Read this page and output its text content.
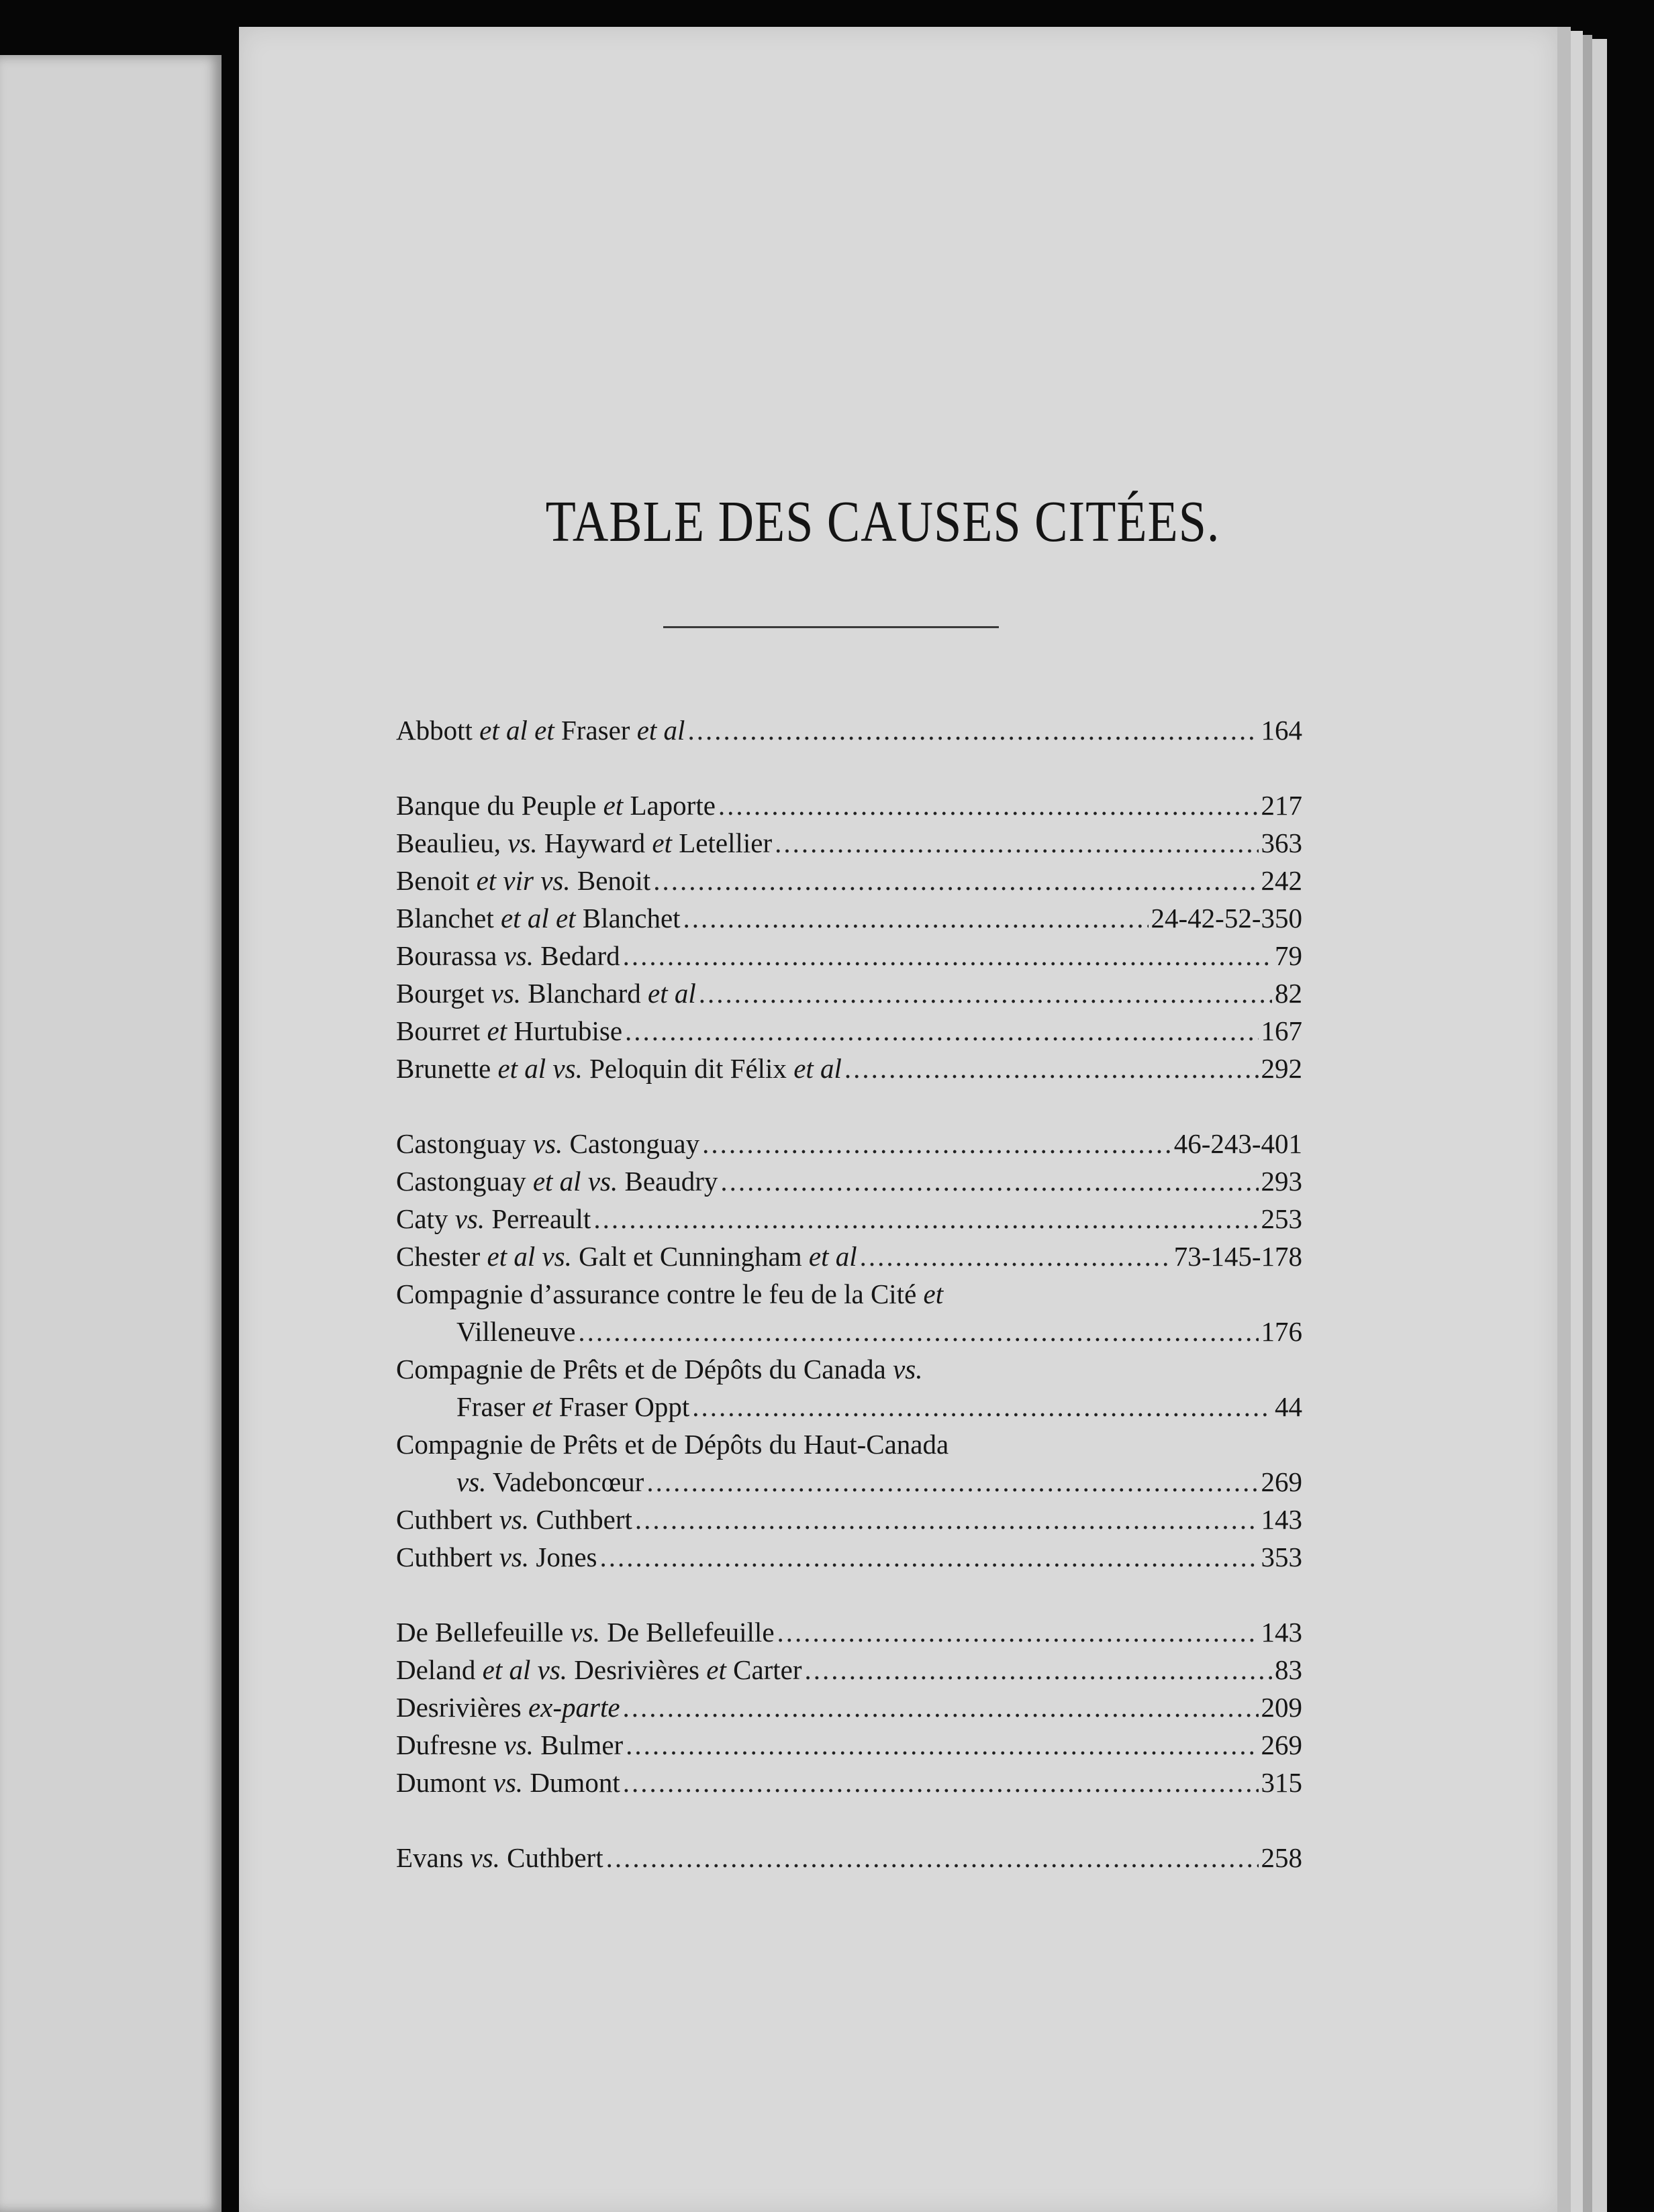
TABLE DES CAUSES CITÉES.
Abbott et al et Fraser et al .....	164
Banque du Peuple et Laporte .....	217
Beaulieu, vs. Hayward et Letellier .....	363
Benoit et vir vs. Benoit .....	242
Blanchet et al et Blanchet .....	24-42-52-350
Bourassa vs. Bedard .....	79
Bourget vs. Blanchard et al .....	82
Bourret et Hurtubise .....	167
Brunette et al vs. Peloquin dit Félix et al .....	292
Castonguay vs. Castonguay .....	46-243-401
Castonguay et al vs. Beaudry .....	293
Caty vs. Perreault .....	253
Chester et al vs. Galt et Cunningham et al .....	73-145-178
Compagnie d’assurance contre le feu de la Cité et
Villeneuve .....	176
Compagnie de Prêts et de Dépôts du Canada vs.
Fraser et Fraser Oppt .....	44
Compagnie de Prêts et de Dépôts du Haut-Canada
vs. Vadeboncœur .....	269
Cuthbert vs. Cuthbert .....	143
Cuthbert vs. Jones .....	353
De Bellefeuille vs. De Bellefeuille .....	143
Deland et al vs. Desrivières et Carter .....	83
Desrivières ex-parte .....	209
Dufresne vs. Bulmer .....	269
Dumont vs. Dumont .....	315
Evans vs. Cuthbert .....	258
